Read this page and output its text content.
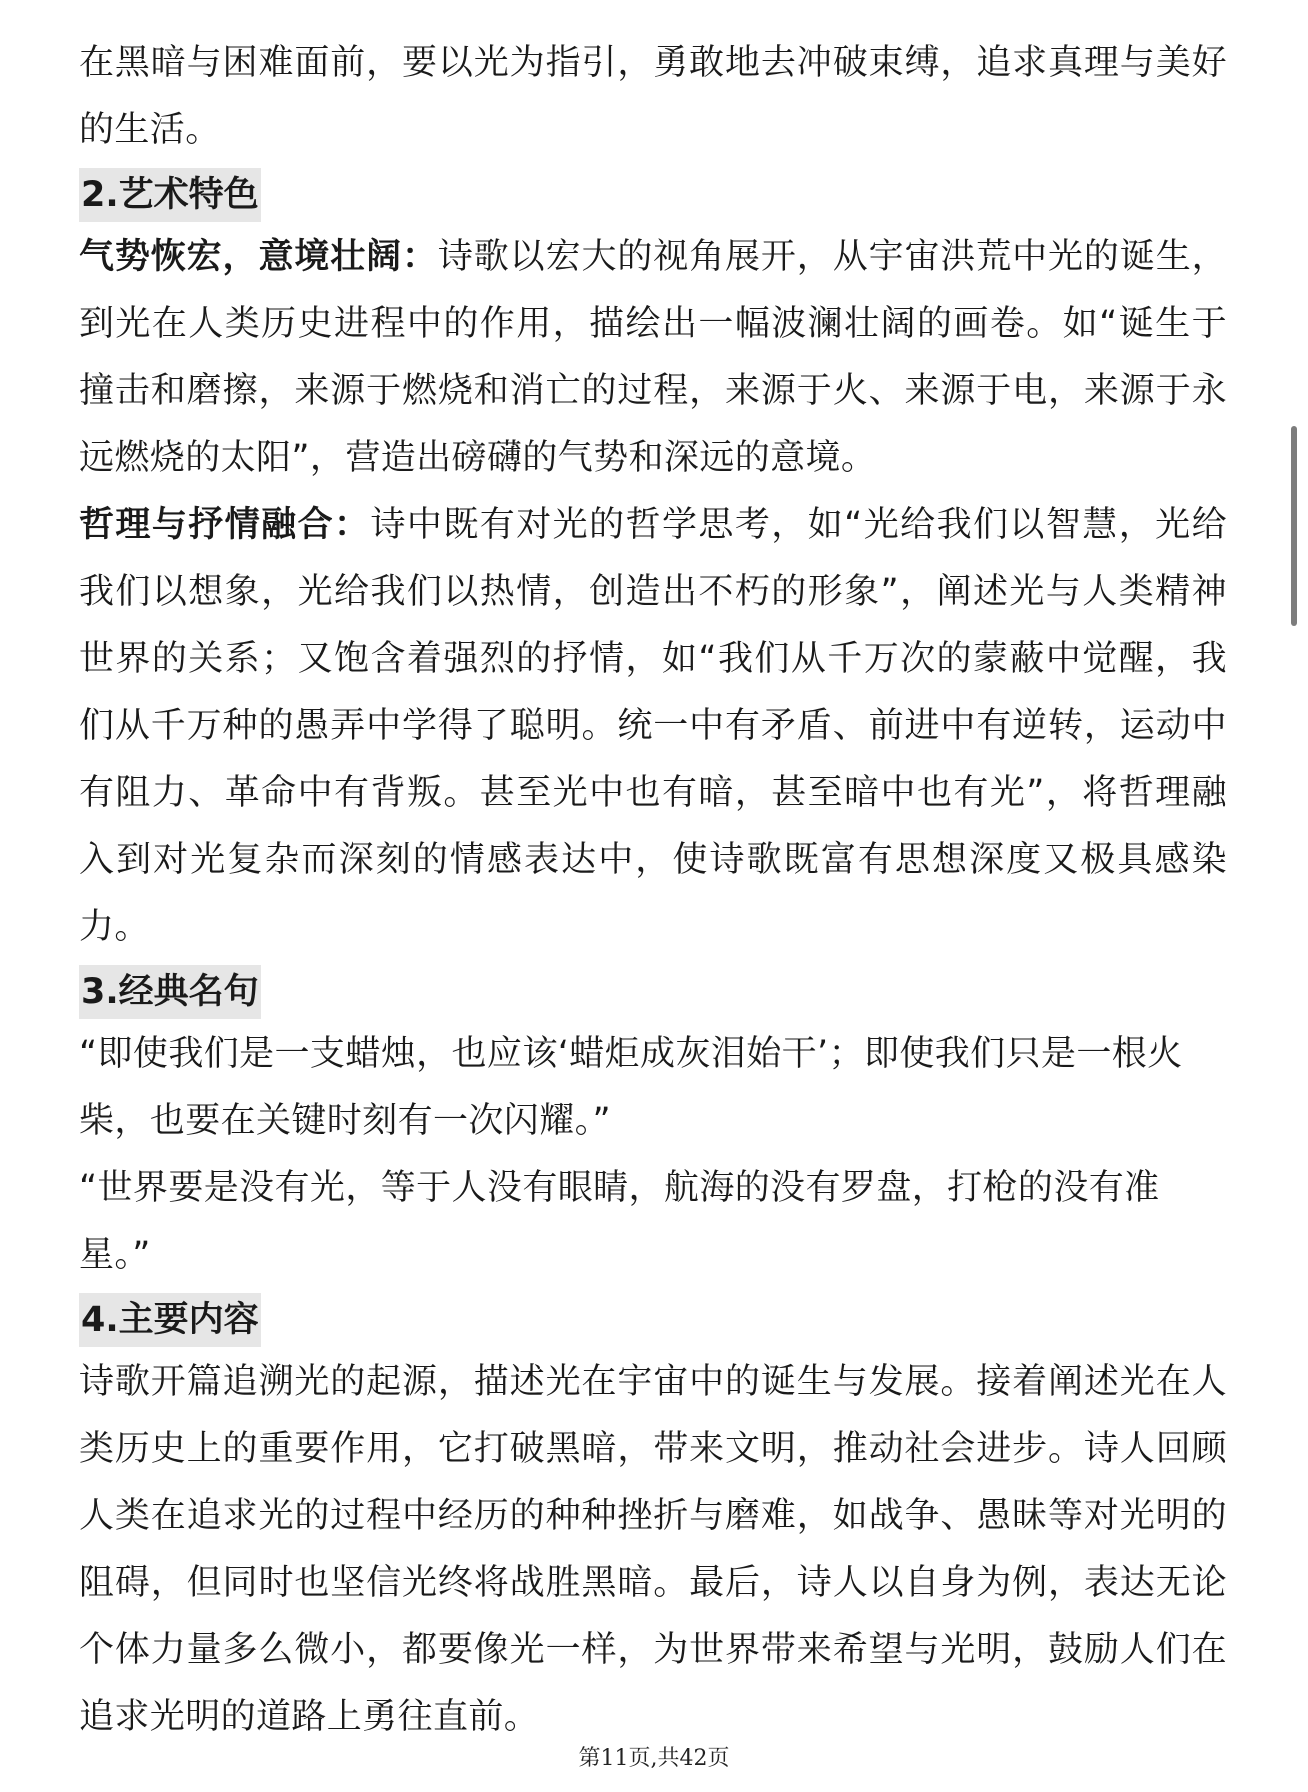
在黑暗与困难面前，要以光为指引，勇敢地去冲破束缚，追求真理与美好的生活。

2.艺术特色

气势恢宏，意境壮阔：诗歌以宏大的视角展开，从宇宙洪荒中光的诞生，到光在人类历史进程中的作用，描绘出一幅波澜壮阔的画卷。如“诞生于撞击和磨擦，来源于燃烧和消亡的过程，来源于火、来源于电，来源于永远燃烧的太阳”，营造出磅礴的气势和深远的意境。

哲理与抒情融合：诗中既有对光的哲学思考，如“光给我们以智慧，光给我们以想象，光给我们以热情，创造出不朽的形象”，阐述光与人类精神世界的关系；又饱含着强烈的抒情，如“我们从千万次的蒙蔽中觉醒，我们从千万种的愚弄中学得了聪明。统一中有矛盾、前进中有逆转，运动中有阻力、革命中有背叛。甚至光中也有暗，甚至暗中也有光”，将哲理融入到对光复杂而深刻的情感表达中，使诗歌既富有思想深度又极具感染力。

3.经典名句

“即使我们是一支蜡烛，也应该‘蜡炬成灰泪始干’；即使我们只是一根火柴，也要在关键时刻有一次闪耀。”

“世界要是没有光，等于人没有眼睛，航海的没有罗盘，打枪的没有准星。”

4.主要内容

诗歌开篇追溯光的起源，描述光在宇宙中的诞生与发展。接着阐述光在人类历史上的重要作用，它打破黑暗，带来文明，推动社会进步。诗人回顾人类在追求光的过程中经历的种种挫折与磨难，如战争、愚昧等对光明的阻碍，但同时也坚信光终将战胜黑暗。最后，诗人以自身为例，表达无论个体力量多么微小，都要像光一样，为世界带来希望与光明，鼓励人们在追求光明的道路上勇往直前。

第11页,共42页
